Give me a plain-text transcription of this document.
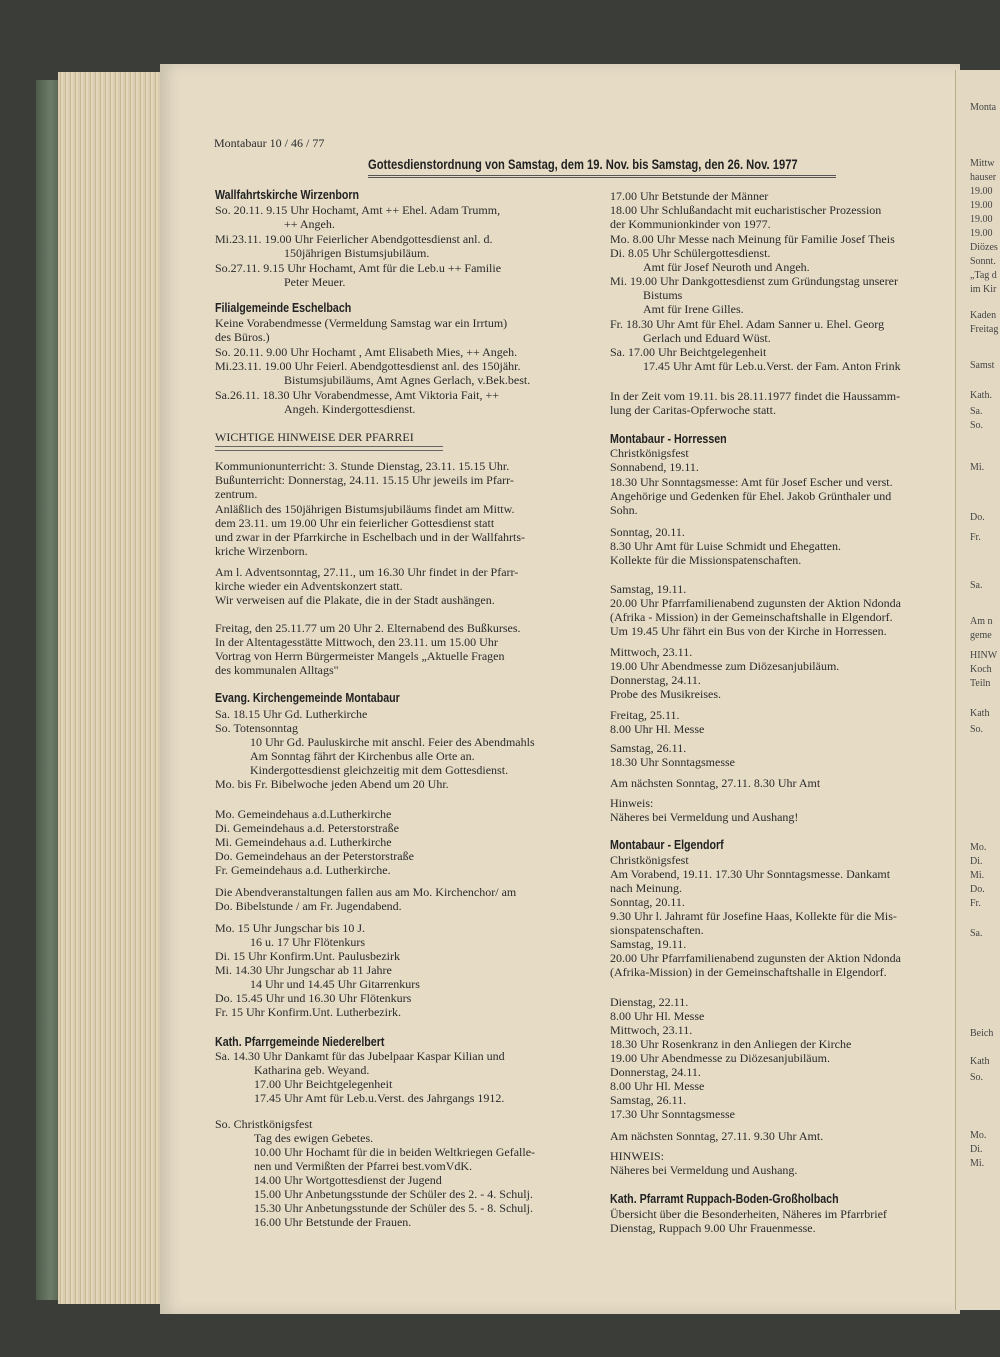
Monta
Mittw
hauser
19.00
19.00
19.00
19.00
Diözes
Sonnt.
„Tag d
im Kir
Kaden
Freitag
Samst
Kath.
Sa.
So.
Mi.
Do.
Fr.
Sa.
Am n
geme
HINW
Koch
Teiln
Kath
So.
Mo.
Di.
Mi.
Do.
Fr.
Sa.
Beich
Kath
So.
Mo.
Di.
Mi.
Montabaur 10 / 46 / 77
Gottesdienstordnung von Samstag, dem 19. Nov. bis Samstag, den 26. Nov. 1977
Wallfahrtskirche Wirzenborn
So. 20.11. 9.15 Uhr Hochamt, Amt ++ Ehel. Adam Trumm,
++ Angeh.
Mi.23.11. 19.00 Uhr Feierlicher Abendgottesdienst anl. d.
150jährigen Bistumsjubiläum.
So.27.11. 9.15 Uhr Hochamt, Amt für die Leb.u ++ Familie
Peter Meuer.
Filialgemeinde Eschelbach
Keine Vorabendmesse (Vermeldung Samstag war ein Irrtum)
des Büros.)
So. 20.11. 9.00 Uhr Hochamt , Amt Elisabeth Mies, ++ Angeh.
Mi.23.11. 19.00 Uhr Feierl. Abendgottesdienst anl. des 150jähr.
Bistumsjubiläums, Amt Agnes Gerlach, v.Bek.best.
Sa.26.11. 18.30 Uhr Vorabendmesse, Amt Viktoria Fait, ++
Angeh. Kindergottesdienst.
WICHTIGE HINWEISE DER PFARREI
Kommunionunterricht: 3. Stunde Dienstag, 23.11. 15.15 Uhr.
Bußunterricht: Donnerstag, 24.11. 15.15 Uhr jeweils im Pfarr-
zentrum.
Anläßlich des 150jährigen Bistumsjubiläums findet am Mittw.
dem 23.11. um 19.00 Uhr ein feierlicher Gottesdienst statt
und zwar in der Pfarrkirche in Eschelbach und in der Wallfahrts-
kriche Wirzenborn.
Am l. Adventsonntag, 27.11., um 16.30 Uhr findet in der Pfarr-
kirche wieder ein Adventskonzert statt.
Wir verweisen auf die Plakate, die in der Stadt aushängen.
Freitag, den 25.11.77 um 20 Uhr 2. Elternabend des Bußkurses.
In der Altentagesstätte Mittwoch, den 23.11. um 15.00 Uhr
Vortrag von Herrn Bürgermeister Mangels „Aktuelle Fragen
des kommunalen Alltags"
Evang. Kirchengemeinde Montabaur
Sa. 18.15 Uhr Gd. Lutherkirche
So. Totensonntag
10 Uhr Gd. Pauluskirche mit anschl. Feier des Abendmahls
Am Sonntag fährt der Kirchenbus alle Orte an.
Kindergottesdienst gleichzeitig mit dem Gottesdienst.
Mo. bis Fr. Bibelwoche jeden Abend um 20 Uhr.
Mo. Gemeindehaus a.d.Lutherkirche
Di. Gemeindehaus a.d. Peterstorstraße
Mi. Gemeindehaus a.d. Lutherkirche
Do. Gemeindehaus an der Peterstorstraße
Fr. Gemeindehaus a.d. Lutherkirche.
Die Abendveranstaltungen fallen aus am Mo. Kirchenchor/ am
Do. Bibelstunde / am Fr. Jugendabend.
Mo. 15 Uhr Jungschar bis 10 J.
16 u. 17 Uhr Flötenkurs
Di. 15 Uhr Konfirm.Unt. Paulusbezirk
Mi. 14.30 Uhr Jungschar ab 11 Jahre
14 Uhr und 14.45 Uhr Gitarrenkurs
Do. 15.45 Uhr und 16.30 Uhr Flötenkurs
Fr. 15 Uhr Konfirm.Unt. Lutherbezirk.
Kath. Pfarrgemeinde Niederelbert
Sa. 14.30 Uhr Dankamt für das Jubelpaar Kaspar Kilian und
Katharina geb. Weyand.
17.00 Uhr Beichtgelegenheit
17.45 Uhr Amt für Leb.u.Verst. des Jahrgangs 1912.
So. Christkönigsfest
Tag des ewigen Gebetes.
10.00 Uhr Hochamt für die in beiden Weltkriegen Gefalle-
nen und Vermißten der Pfarrei best.vomVdK.
14.00 Uhr Wortgottesdienst der Jugend
15.00 Uhr Anbetungsstunde der Schüler des 2. - 4. Schulj.
15.30 Uhr Anbetungsstunde der Schüler des 5. - 8. Schulj.
16.00 Uhr Betstunde der Frauen.
17.00 Uhr Betstunde der Männer
18.00 Uhr Schlußandacht mit eucharistischer Prozession
der Kommunionkinder von 1977.
Mo. 8.00 Uhr Messe nach Meinung für Familie Josef Theis
Di. 8.05 Uhr Schülergottesdienst.
Amt für Josef Neuroth und Angeh.
Mi. 19.00 Uhr Dankgottesdienst zum Gründungstag unserer
Bistums
Amt für Irene Gilles.
Fr. 18.30 Uhr Amt für Ehel. Adam Sanner u. Ehel. Georg
Gerlach und Eduard Wüst.
Sa. 17.00 Uhr Beichtgelegenheit
17.45 Uhr Amt für Leb.u.Verst. der Fam. Anton Frink
In der Zeit vom 19.11. bis 28.11.1977 findet die Haussamm-
lung der Caritas-Opferwoche statt.
Montabaur - Horressen
Christkönigsfest
Sonnabend, 19.11.
18.30 Uhr Sonntagsmesse: Amt für Josef Escher und verst.
Angehörige und Gedenken für Ehel. Jakob Grünthaler und
Sohn.
Sonntag, 20.11.
8.30 Uhr Amt für Luise Schmidt und Ehegatten.
Kollekte für die Missionspatenschaften.
Samstag, 19.11.
20.00 Uhr Pfarrfamilienabend zugunsten der Aktion Ndonda
(Afrika - Mission) in der Gemeinschaftshalle in Elgendorf.
Um 19.45 Uhr fährt ein Bus von der Kirche in Horressen.
Mittwoch, 23.11.
19.00 Uhr Abendmesse zum Diözesanjubiläum.
Donnerstag, 24.11.
Probe des Musikreises.
Freitag, 25.11.
8.00 Uhr Hl. Messe
Samstag, 26.11.
18.30 Uhr Sonntagsmesse
Am nächsten Sonntag, 27.11. 8.30 Uhr Amt
Hinweis:
Näheres bei Vermeldung und Aushang!
Montabaur - Elgendorf
Christkönigsfest
Am Vorabend, 19.11. 17.30 Uhr Sonntagsmesse. Dankamt
nach Meinung.
Sonntag, 20.11.
9.30 Uhr l. Jahramt für Josefine Haas, Kollekte für die Mis-
sionspatenschaften.
Samstag, 19.11.
20.00 Uhr Pfarrfamilienabend zugunsten der Aktion Ndonda
(Afrika-Mission) in der Gemeinschaftshalle in Elgendorf.
Dienstag, 22.11.
8.00 Uhr Hl. Messe
Mittwoch, 23.11.
18.30 Uhr Rosenkranz in den Anliegen der Kirche
19.00 Uhr Abendmesse zu Diözesanjubiläum.
Donnerstag, 24.11.
8.00 Uhr Hl. Messe
Samstag, 26.11.
17.30 Uhr Sonntagsmesse
Am nächsten Sonntag, 27.11. 9.30 Uhr Amt.
HINWEIS:
Näheres bei Vermeldung und Aushang.
Kath. Pfarramt Ruppach-Boden-Großholbach
Übersicht über die Besonderheiten, Näheres im Pfarrbrief
Dienstag, Ruppach 9.00 Uhr Frauenmesse.
